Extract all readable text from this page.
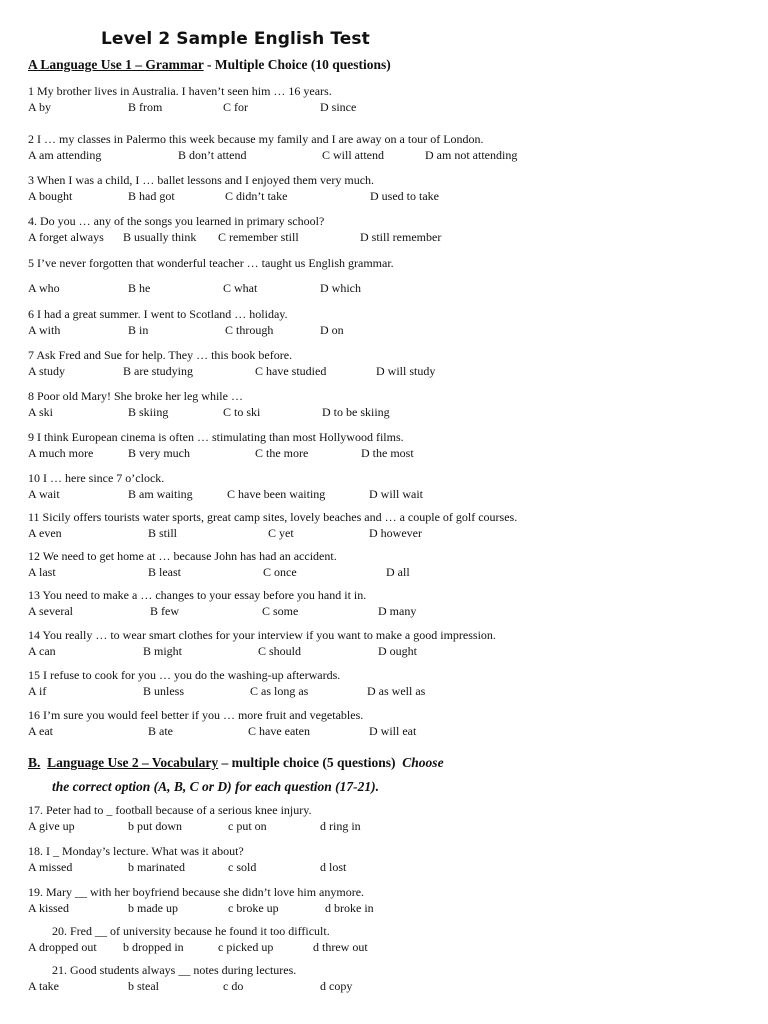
Level 2 Sample English Test
A Language Use 1 – Grammar - Multiple Choice (10 questions)
1 My brother lives in Australia. I haven’t seen him … 16 years.
A by	B from	C for	D since
2 I … my classes in Palermo this week because my family and I are away on a tour of London.
A am attending	B don’t attend	C will attend	D am not attending
3 When I was a child, I … ballet lessons and I enjoyed them very much.
A bought	B had got	C didn’t take	D used to take
4. Do you … any of the songs you learned in primary school?
A forget always B usually think C remember still	D still remember
5 I’ve never forgotten that wonderful teacher … taught us English grammar.
A who	B he	C what	D which
6 I had a great summer. I went to Scotland … holiday.
A with	B in	C through	D on
7 Ask Fred and Sue for help. They … this book before.
A study	B are studying	C have studied	D will study
8 Poor old Mary! She broke her leg while …
A ski	B skiing	C to ski	D to be skiing
9 I think European cinema is often … stimulating than most Hollywood films.
A much more	B very much	C the more	D the most
10 I … here since 7 o’clock.
A wait	B am waiting	C have been waiting	D will wait
11 Sicily offers tourists water sports, great camp sites, lovely beaches and … a couple of golf courses.
A even	B still	C yet	D however
12 We need to get home at … because John has had an accident.
A last	B least	C once	D all
13 You need to make a … changes to your essay before you hand it in.
A several	B few	C some	D many
14 You really … to wear smart clothes for your interview if you want to make a good impression.
A can	B might	C should	D ought
15 I refuse to cook for you … you do the washing-up afterwards.
A if	B unless	C as long as	D as well as
16 I’m sure you would feel better if you … more fruit and vegetables.
A eat	B ate	C have eaten	D will eat
B. Language Use 2 – Vocabulary – multiple choice (5 questions) Choose
the correct option (A, B, C or D) for each question (17-21).
17. Peter had to _ football because of a serious knee injury.
A give up	b put down	c put on	d ring in
18. I _ Monday’s lecture. What was it about?
A missed	b marinated	c sold	d lost
19. Mary __ with her boyfriend because she didn’t love him anymore.
A kissed	b made up	c broke up	d broke in
20. Fred __ of university because he found it too difficult.
A dropped out b dropped in	c picked up	d threw out
21. Good students always __ notes during lectures.
A take	b steal	c do	d copy
